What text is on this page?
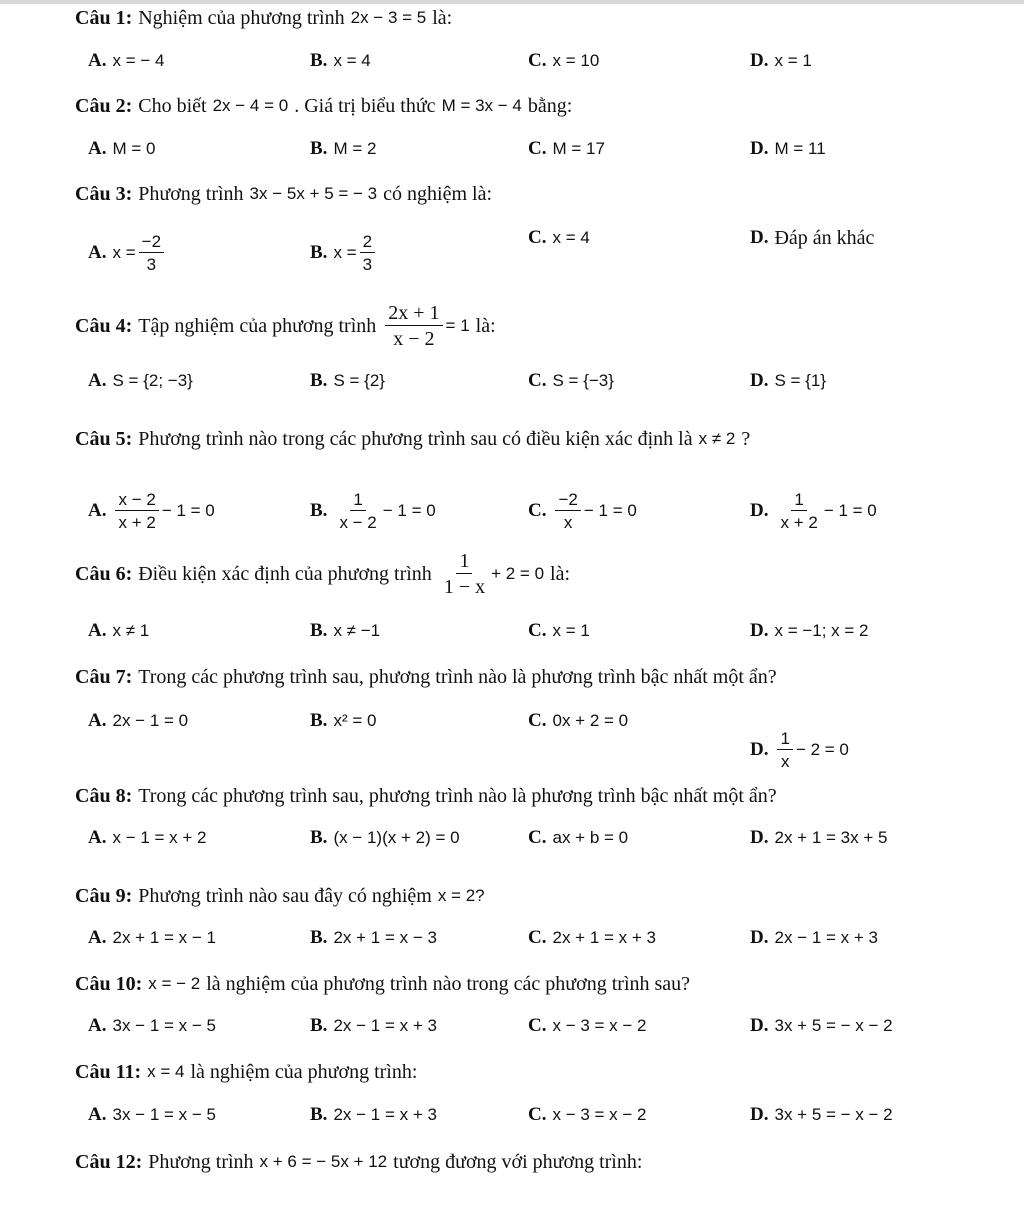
Câu 1: Nghiệm của phương trình 2x − 3 = 5 là:
A. x = − 4	B. x = 4	C. x = 10	D. x = 1
Câu 2: Cho biết 2x − 4 = 0 . Giá trị biểu thức M = 3x − 4 bằng:
A. M = 0	B. M = 2	C. M = 17	D. M = 11
Câu 3: Phương trình 3x − 5x + 5 = − 3 có nghiệm là:
A. $x = \frac{-2}{3}$	B. $x = \frac{2}{3}$	C. x = 4	D. Đáp án khác
Câu 4: Tập nghiệm của phương trình $\frac{2x + 1}{x - 2} = 1$ là:
A. S = {2; −3}	B. S = {2}	C. S = {−3}	D. S = {1}
Câu 5: Phương trình nào trong các phương trình sau có điều kiện xác định là x ≠ 2 ?
A. $\frac{x - 2}{x + 2} - 1 = 0$	B. $\frac{1}{x - 2} - 1 = 0$	C. $\frac{-2}{x} - 1 = 0$	D. $\frac{1}{x + 2} - 1 = 0$
Câu 6: Điều kiện xác định của phương trình $\frac{1}{1 - x} + 2 = 0$ là:
A. x ≠ 1	B. x ≠ −1	C. x = 1	D. x = −1; x = 2
Câu 7: Trong các phương trình sau, phương trình nào là phương trình bậc nhất một ẩn?
A. 2x − 1 = 0	B. x² = 0	C. 0x + 2 = 0
D. $\frac{1}{x} - 2 = 0$
Câu 8: Trong các phương trình sau, phương trình nào là phương trình bậc nhất một ẩn?
A. x − 1 = x + 2	B. (x − 1)(x + 2) = 0	C. ax + b = 0	D. 2x + 1 = 3x + 5
Câu 9: Phương trình nào sau đây có nghiệm x = 2?
A. 2x + 1 = x − 1	B. 2x + 1 = x − 3	C. 2x + 1 = x + 3	D. 2x − 1 = x + 3
Câu 10: x = − 2 là nghiệm của phương trình nào trong các phương trình sau?
A. 3x − 1 = x − 5	B. 2x − 1 = x + 3	C. x − 3 = x − 2	D. 3x + 5 = − x − 2
Câu 11: x = 4 là nghiệm của phương trình:
A. 3x − 1 = x − 5	B. 2x − 1 = x + 3	C. x − 3 = x − 2	D. 3x + 5 = − x − 2
Câu 12: Phương trình x + 6 = − 5x + 12 tương đương với phương trình:
